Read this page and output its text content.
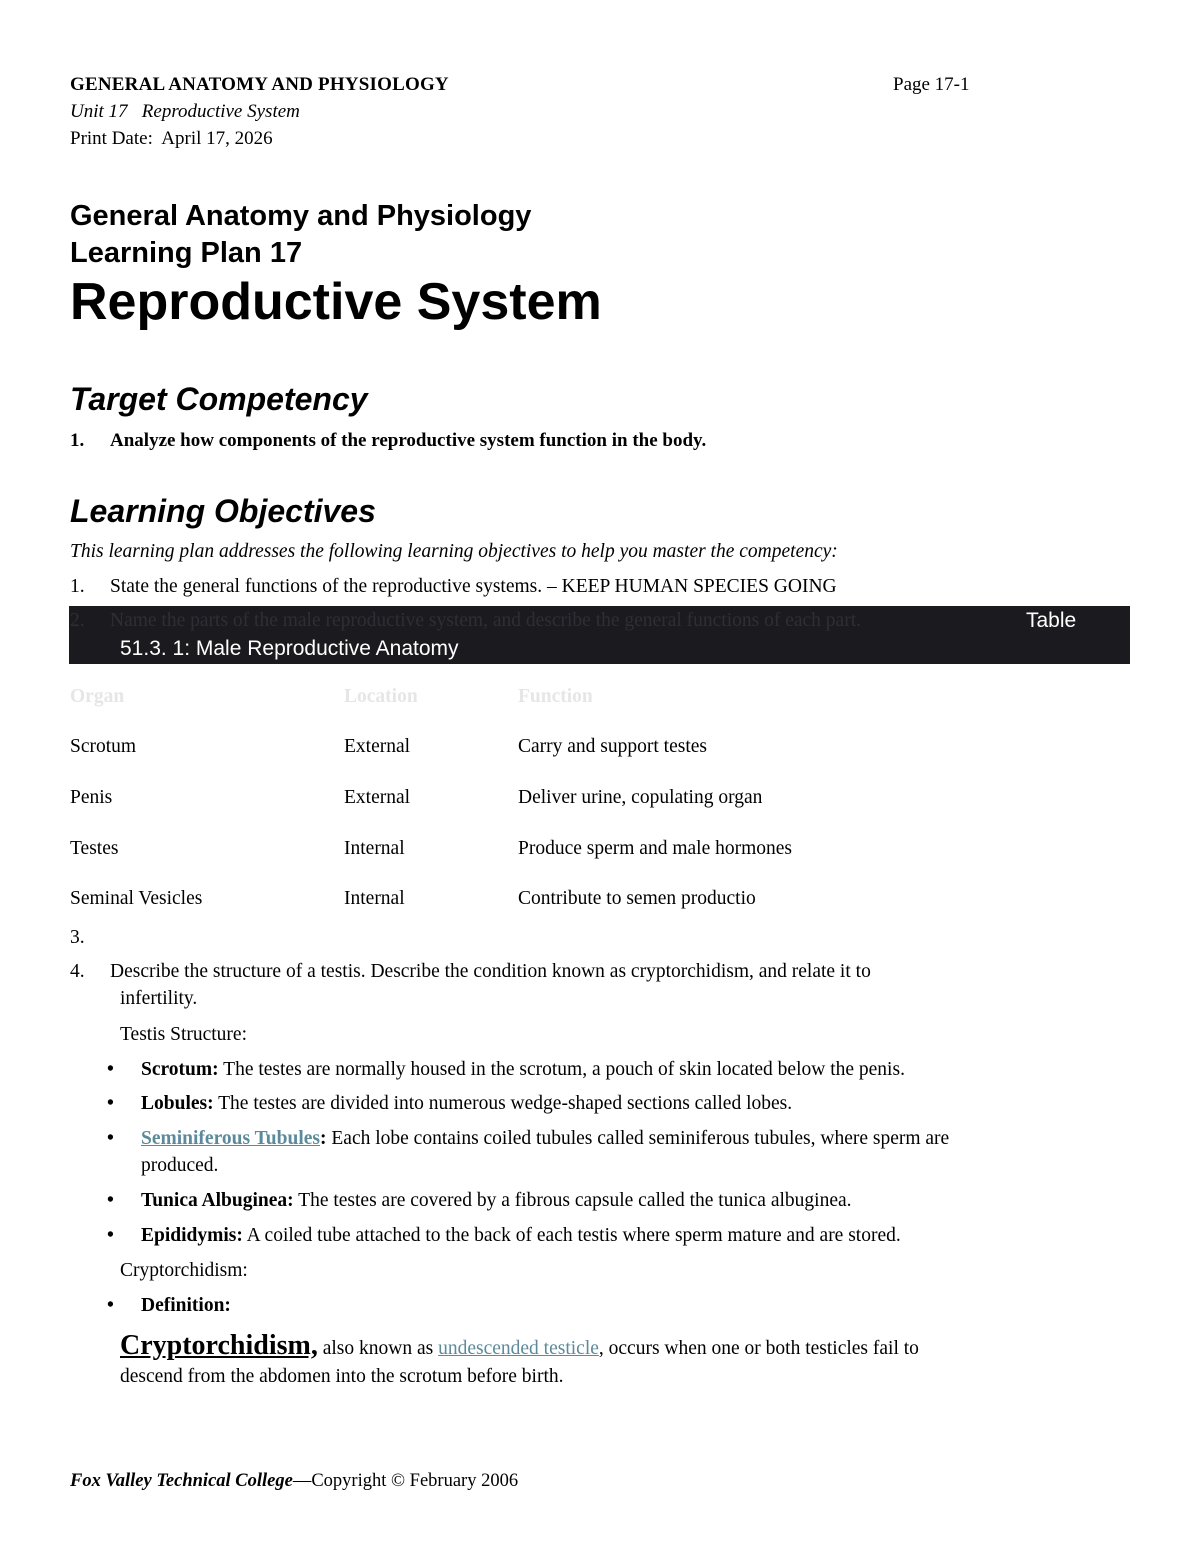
GENERAL ANATOMY AND PHYSIOLOGY	Page 17-1
Unit 17   Reproductive System
Print Date:  April 17, 2026
General Anatomy and Physiology
Learning Plan 17
Reproductive System
Target Competency
1. Analyze how components of the reproductive system function in the body.
Learning Objectives
This learning plan addresses the following learning objectives to help you master the competency:
1. State the general functions of the reproductive systems. – KEEP HUMAN SPECIES GOING
2. Name the parts of the male reproductive system, and describe the general functions of each part.	Table
51.3. 1: Male Reproductive Anatomy
Organ	Location	Function
Scrotum	External	Carry and support testes
Penis	External	Deliver urine, copulating organ
Testes	Internal	Produce sperm and male hormones
Seminal Vesicles	Internal	Contribute to semen productio
3.
4. Describe the structure of a testis. Describe the condition known as cryptorchidism, and relate it to
infertility.
Testis Structure:
• Scrotum: The testes are normally housed in the scrotum, a pouch of skin located below the penis.
• Lobules: The testes are divided into numerous wedge-shaped sections called lobes.
• Seminiferous Tubules: Each lobe contains coiled tubules called seminiferous tubules, where sperm are
produced.
• Tunica Albuginea: The testes are covered by a fibrous capsule called the tunica albuginea.
• Epididymis: A coiled tube attached to the back of each testis where sperm mature and are stored.
Cryptorchidism:
• Definition:
Cryptorchidism, also known as undescended testicle, occurs when one or both testicles fail to
descend from the abdomen into the scrotum before birth.
Fox Valley Technical College—Copyright © February 2006
